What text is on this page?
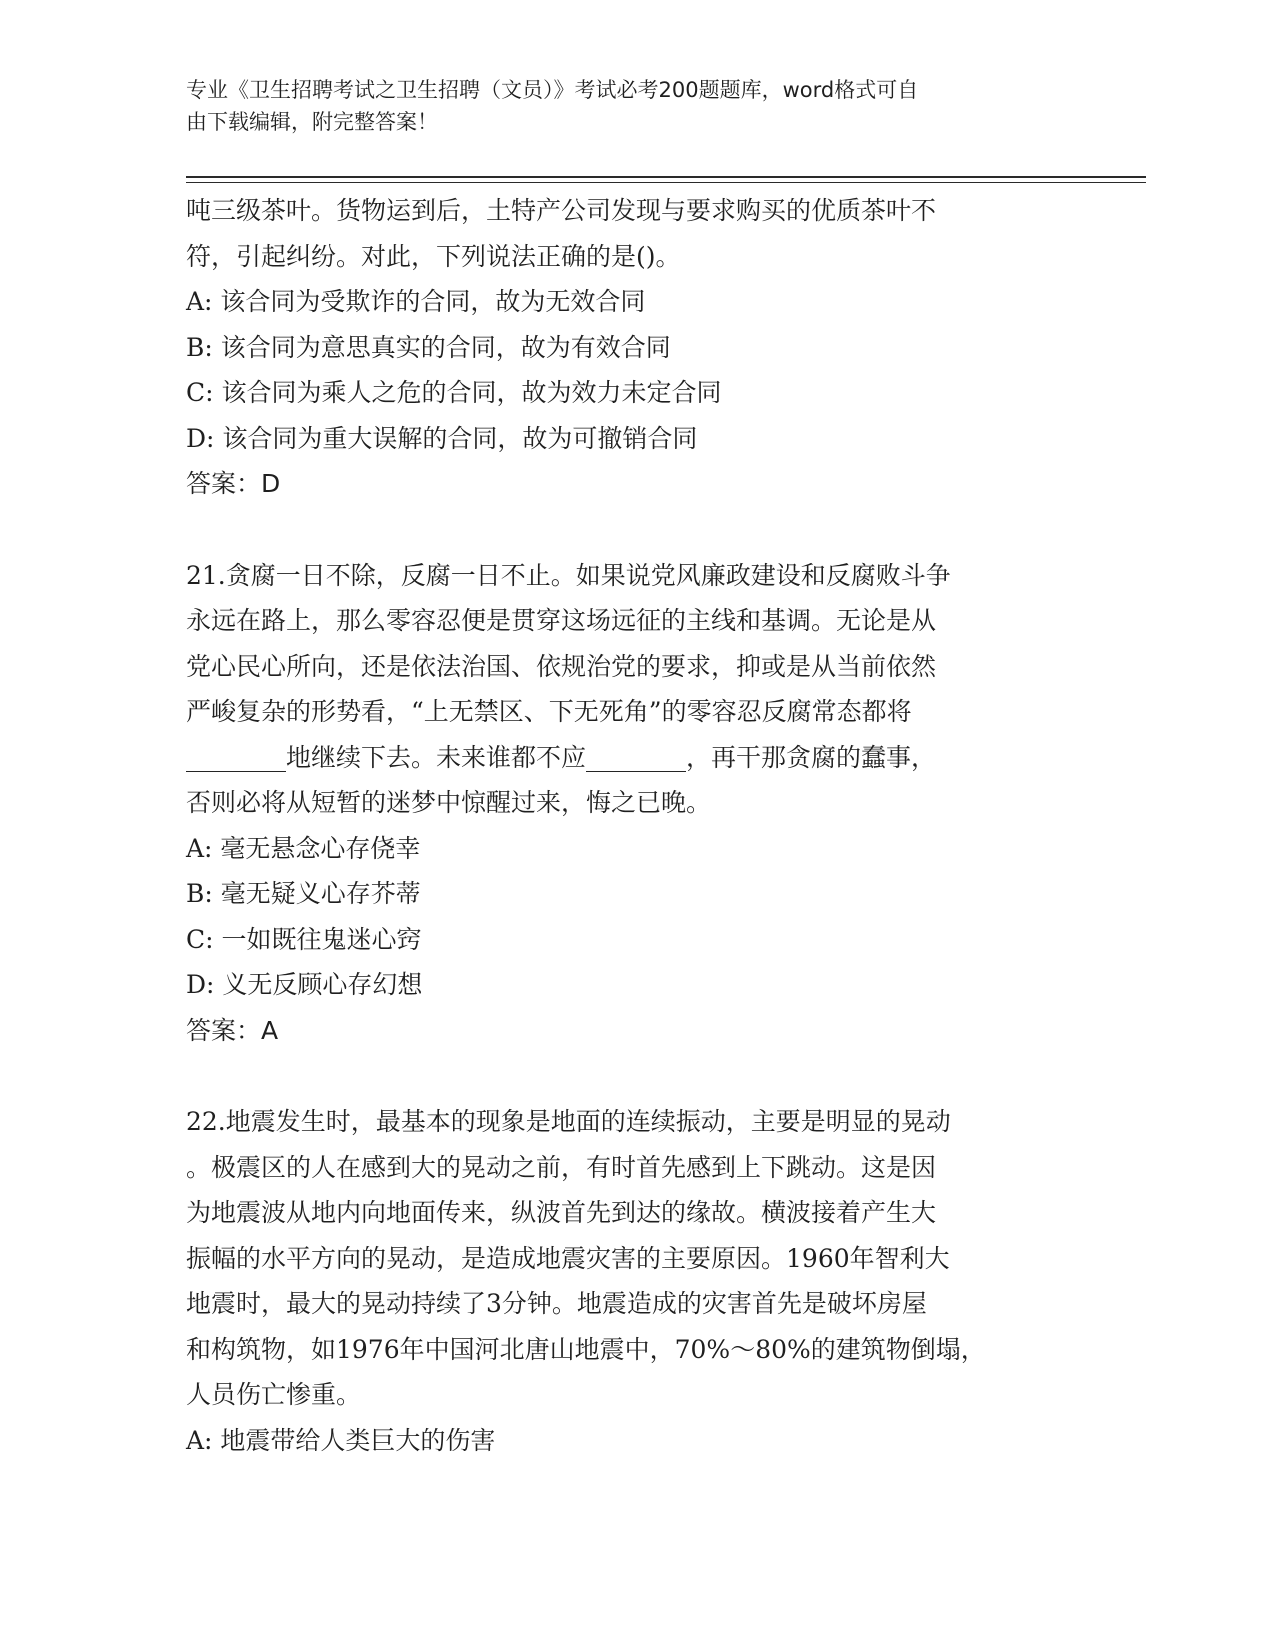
专业《卫生招聘考试之卫生招聘（文员）》考试必考200题题库，word格式可自
由下载编辑，附完整答案！
吨三级茶叶。货物运到后，土特产公司发现与要求购买的优质茶叶不
符，引起纠纷。对此，下列说法正确的是()。
A: 该合同为受欺诈的合同，故为无效合同
B: 该合同为意思真实的合同，故为有效合同
C: 该合同为乘人之危的合同，故为效力未定合同
D: 该合同为重大误解的合同，故为可撤销合同
答案：D
21.贪腐一日不除，反腐一日不止。如果说党风廉政建设和反腐败斗争
永远在路上，那么零容忍便是贯穿这场远征的主线和基调。无论是从
党心民心所向，还是依法治国、依规治党的要求，抑或是从当前依然
严峻复杂的形势看，“上无禁区、下无死角”的零容忍反腐常态都将
________地继续下去。未来谁都不应________，再干那贪腐的蠢事，
否则必将从短暂的迷梦中惊醒过来，悔之已晚。
A: 毫无悬念心存侥幸
B: 毫无疑义心存芥蒂
C: 一如既往鬼迷心窍
D: 义无反顾心存幻想
答案：A
22.地震发生时，最基本的现象是地面的连续振动，主要是明显的晃动
。极震区的人在感到大的晃动之前，有时首先感到上下跳动。这是因
为地震波从地内向地面传来，纵波首先到达的缘故。横波接着产生大
振幅的水平方向的晃动，是造成地震灾害的主要原因。1960年智利大
地震时，最大的晃动持续了3分钟。地震造成的灾害首先是破坏房屋
和构筑物，如1976年中国河北唐山地震中，70%～80%的建筑物倒塌，
人员伤亡惨重。
A: 地震带给人类巨大的伤害
